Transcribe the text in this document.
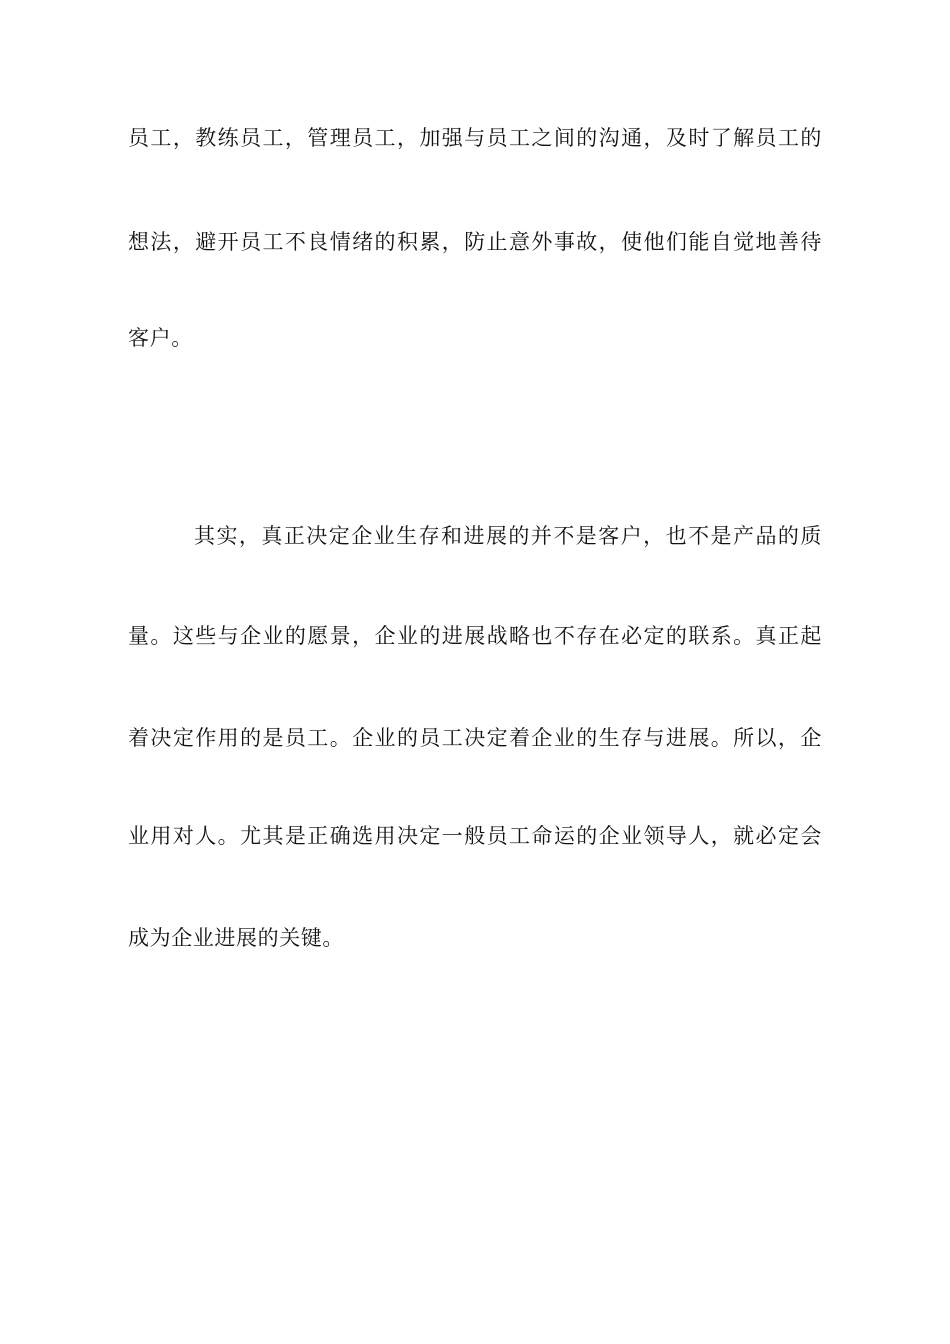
员工，教练员工，管理员工，加强与员工之间的沟通，及时了解员工的
想法，避开员工不良情绪的积累，防止意外事故，使他们能自觉地善待
客户。
其实，真正决定企业生存和进展的并不是客户，也不是产品的质
量。这些与企业的愿景，企业的进展战略也不存在必定的联系。真正起
着决定作用的是员工。企业的员工决定着企业的生存与进展。所以，企
业用对人。尤其是正确选用决定一般员工命运的企业领导人，就必定会
成为企业进展的关键。
